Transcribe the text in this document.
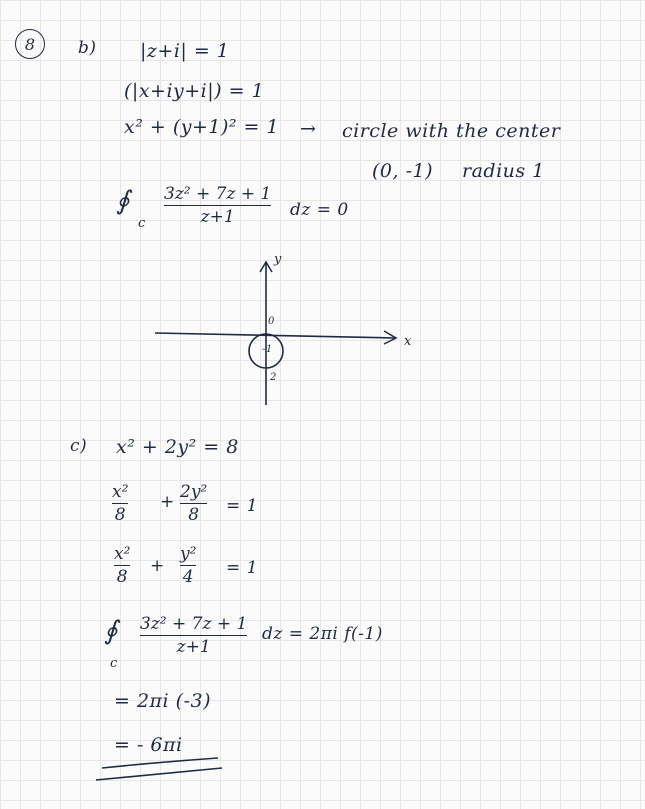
8	b) |z+i| = 1
(|x+iy+i|) = 1
x² + (y+1)² = 1 → circle with the center
(0, -1) radius 1
∮
c
3z² + 7z + 1
z+1	dz = 0
y
x
0
-1
2
c) x² + 2y² = 8
x²
8
+ 2y²
8 = 1
x²
8
+
y²
4 = 1
∮
c
3z² + 7z + 1
z+1
dz = 2πi f(-1)
= 2πi (-3)
= - 6πi
